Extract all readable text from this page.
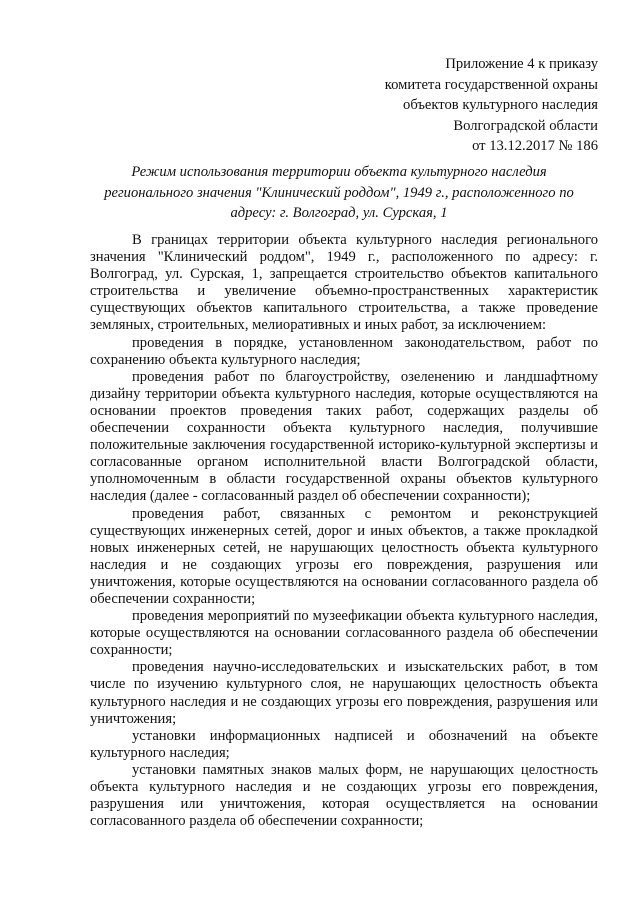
Приложение 4 к приказу
комитета государственной охраны
объектов культурного наследия
Волгоградской области
от 13.12.2017 № 186
Режим использования территории объекта культурного наследия
регионального значения "Клинический роддом", 1949 г., расположенного по
адресу: г. Волгоград, ул. Сурская, 1

В границах территории объекта культурного наследия регионального значения "Клинический роддом", 1949 г., расположенного по адресу: г. Волгоград, ул. Сурская, 1, запрещается строительство объектов капитального строительства и увеличение объемно-пространственных характеристик существующих объектов капитального строительства, а также проведение земляных, строительных, мелиоративных и иных работ, за исключением:

проведения в порядке, установленном законодательством, работ по сохранению объекта культурного наследия;

проведения работ по благоустройству, озеленению и ландшафтному дизайну территории объекта культурного наследия, которые осуществляются на основании проектов проведения таких работ, содержащих разделы об обеспечении сохранности объекта культурного наследия, получившие положительные заключения государственной историко-культурной экспертизы и согласованные органом исполнительной власти Волгоградской области, уполномоченным в области государственной охраны объектов культурного наследия (далее - согласованный раздел об обеспечении сохранности);

проведения работ, связанных с ремонтом и реконструкцией существующих инженерных сетей, дорог и иных объектов, а также прокладкой новых инженерных сетей, не нарушающих целостность объекта культурного наследия и не создающих угрозы его повреждения, разрушения или уничтожения, которые осуществляются на основании согласованного раздела об обеспечении сохранности;

проведения мероприятий по музеефикации объекта культурного наследия, которые осуществляются на основании согласованного раздела об обеспечении сохранности;

проведения научно-исследовательских и изыскательских работ, в том числе по изучению культурного слоя, не нарушающих целостность объекта культурного наследия и не создающих угрозы его повреждения, разрушения или уничтожения;

установки информационных надписей и обозначений на объекте культурного наследия;

установки памятных знаков малых форм, не нарушающих целостность объекта культурного наследия и не создающих угрозы его повреждения, разрушения или уничтожения, которая осуществляется на основании согласованного раздела об обеспечении сохранности;
